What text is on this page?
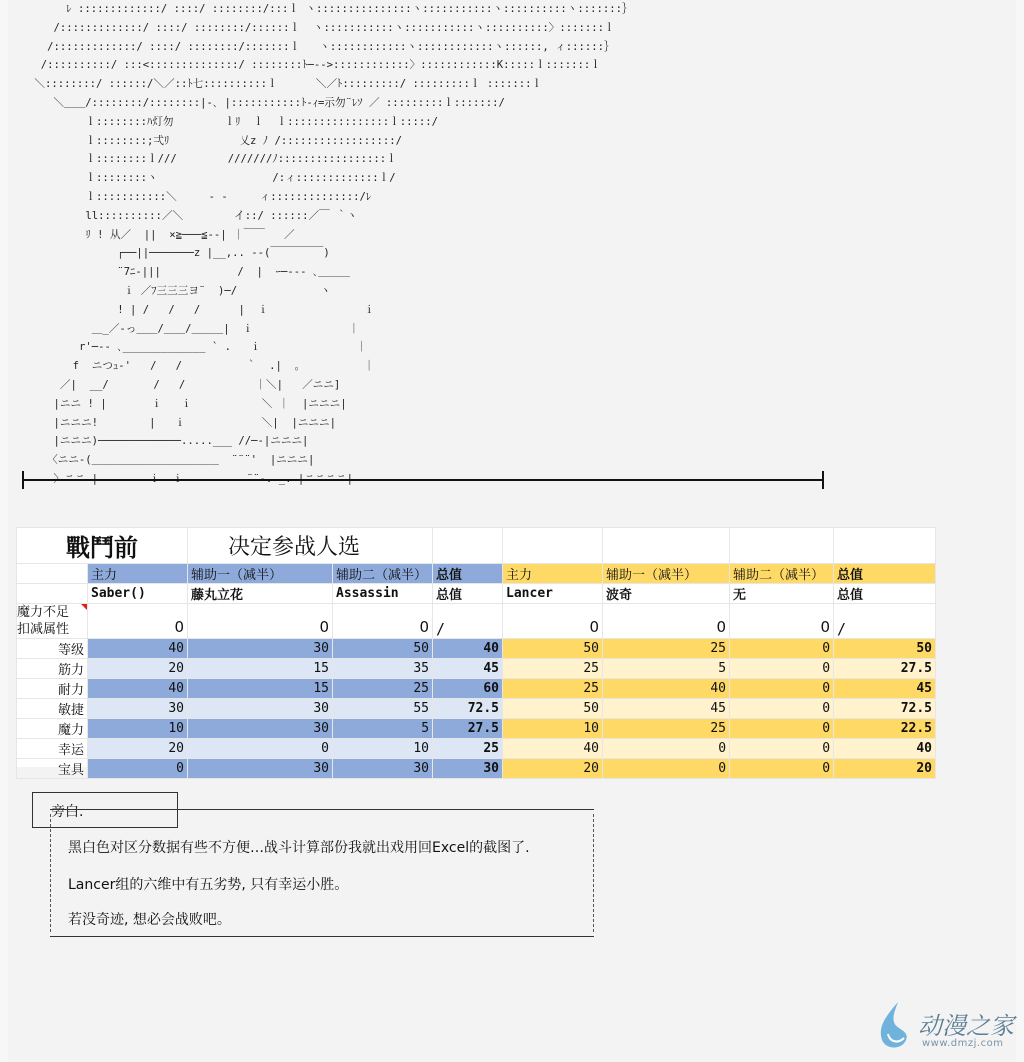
ﾚ :::::::::::::/ ::::/ ::::::::/:::ｌ ヽ:::::::::::::::ヽ:::::::::::ヽ::::::::::ヽ:::::::｝
/:::::::::::::/ ::::/ ::::::::/::::::ｌ  ヽ:::::::::::ヽ:::::::::::ヽ::::::::::〉:::::::ｌ
/:::::::::::::/ ::::/ ::::::::/:::::::ｌ   ヽ::::::::::::ヽ::::::::::::ヽ::::::, ィ::::::｝
/::::::::::/ :::<::::::::::::::/ ::::::::ﾄ─‐‐>::::::::::::〉::::::::::::K:::::ｌ:::::::ｌ
＼::::::::/ ::::::/＼／::ﾄ七::::::::::ｌ      ＼／ﾄ:::::::::/ :::::::::ｌ :::::::ｌ
＼＿＿/::::::::/::::::::|-､ |:::::::::::ﾄ-ｨ=示勿¨ﾚｿ ／ :::::::::ｌ:::::::/
ｌ::::::::ﾊ灯勿        ｌﾘ  ｌ  ｌ::::::::::::::::ｌ:::::/
ｌ::::::::;弌ﾘ           乂z ﾉ /::::::::::::::::::/
ｌ::::::::ｌ///        ///////ﾉ:::::::::::::::::ｌ
ｌ::::::::ヽ                  /:ィ:::::::::::::ｌ/
ｌ:::::::::::＼     - -     ィ::::::::::::::/ﾚ
ll::::::::::／＼        イ::/ ::::::／￣ ｀ヽ
ﾘ ! 从／  ||  ×≧───≦-‐| ｜￣￣   ／
┌──||───────z |__,.. -‐(￣￣￣￣￣)
¨7ﾆ‐|||            /  |  ｰ─‐-- ､＿＿＿
ｉ ／ﾌ三三三ヨ¨  )─/             ヽ
! | /   /   /      |  ｉ               ｉ
＿_／‐っ＿＿/＿＿/＿＿＿|  ｉ               ｜
r'─‐- ､_____________ ` .   ｉ               ｜
f  ニつｭ-'   /   /          ｀  .|  ｡          ｜
／|  __/       /   /           ｜＼|   ／ニニ]
|ニニ ! |       ｉ   ｉ           ＼ ｜  |ニニニ|
|ニニニ!        |   ｉ            ＼|  |ニニニ|
|ニニニ)─────────────.....___ //─‐|ニニニ|
〈ニニ-(＿＿＿＿＿＿＿＿＿＿＿＿  ¨¨¨'  |ニニニ|

戰鬥前		决定参战人选						
	主力	辅助一（减半）	辅助二（减半）	总值	主力	辅助一（减半）	辅助二（减半）	总值
	Saber()	藤丸立花	Assassin	总值	Lancer	波奇	无	总值
魔力不足
扣减属性	0	0	0	/	0	0	0	/
等级	40	30	50	40	50	25	0	50
筋力	20	15	35	45	25	5	0	27.5
耐力	40	15	25	60	25	40	0	45
敏捷	30	30	55	72.5	50	45	0	72.5
魔力	10	30	5	27.5	10	25	0	22.5
幸运	20	0	10	25	40	0	0	40
宝具	0	30	30	30	20	0	0	20
旁白.
黑白色对区分数据有些不方便…战斗计算部份我就出戏用回Excel的截图了.
Lancer组的六维中有五劣势, 只有幸运小胜。
若没奇迹, 想必会战败吧。
动漫之家
www.dmzj.com
